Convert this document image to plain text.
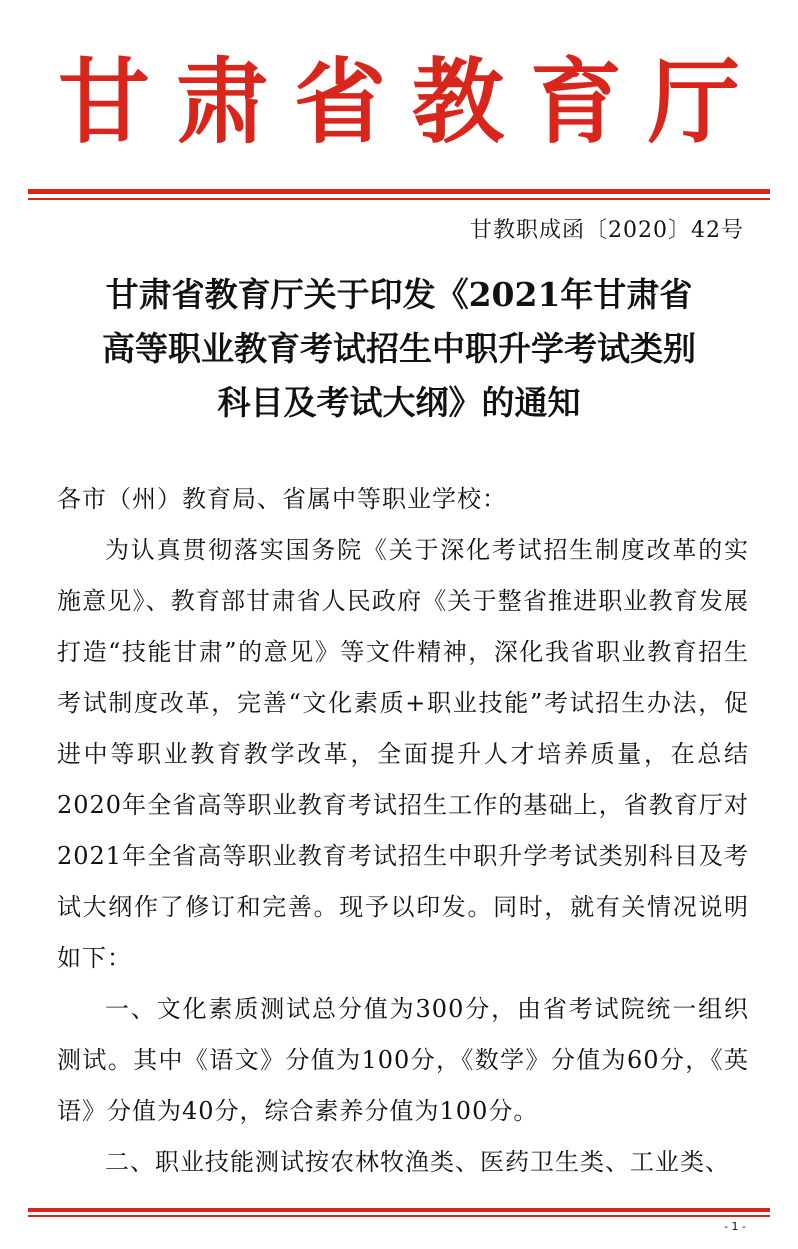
甘肃省教育厅
甘教职成函〔2020〕42号
甘肃省教育厅关于印发《2021年甘肃省
高等职业教育考试招生中职升学考试类别
科目及考试大纲》的通知

各市（州）教育局、省属中等职业学校：

为认真贯彻落实国务院《关于深化考试招生制度改革的实施意见》、教育部甘肃省人民政府《关于整省推进职业教育发展打造“技能甘肃”的意见》等文件精神，深化我省职业教育招生考试制度改革，完善“文化素质+职业技能”考试招生办法，促进中等职业教育教学改革，全面提升人才培养质量，在总结2020年全省高等职业教育考试招生工作的基础上，省教育厅对2021年全省高等职业教育考试招生中职升学考试类别科目及考试大纲作了修订和完善。现予以印发。同时，就有关情况说明如下：

一、文化素质测试总分值为300分，由省考试院统一组织测试。其中《语文》分值为100分，《数学》分值为60分，《英语》分值为40分，综合素养分值为100分。

二、职业技能测试按农林牧渔类、医药卫生类、工业类、

- 1 -
